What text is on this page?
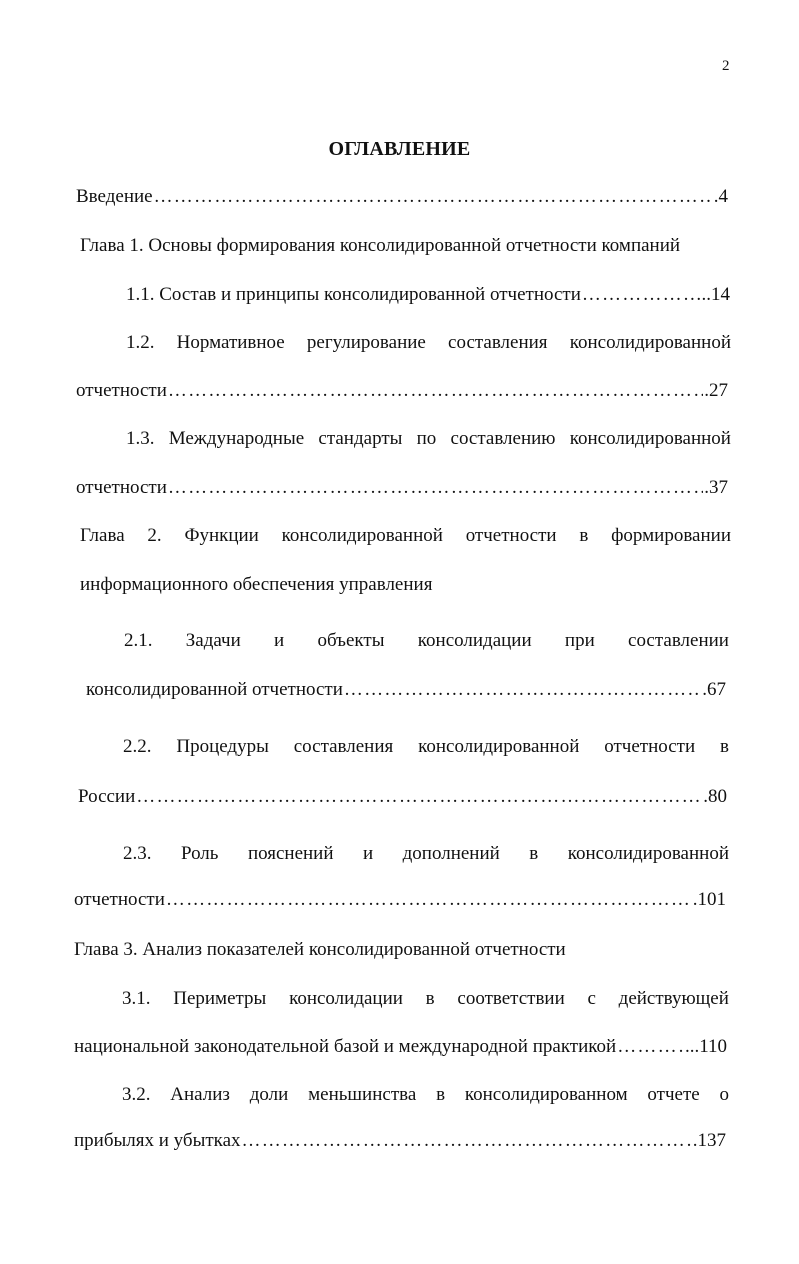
2
ОГЛАВЛЕНИЕ
Введение ……………………………………………………………………………………………………………………………………………………	.4
Глава 1. Основы формирования консолидированной отчетности компаний
1.1. Состав и принципы консолидированной отчетности ……………………………………………………………………………………………………………………………………………………	..14
1.2. Нормативное регулирование составления консолидированной
отчетности ……………………………………………………………………………………………………………………………………………………	.27
1.3. Международные стандарты по составлению консолидированной
отчетности ……………………………………………………………………………………………………………………………………………………	.37
Глава 2. Функции консолидированной отчетности в формировании
информационного обеспечения управления
2.1. Задачи и объекты консолидации при составлении
консолидированной отчетности ……………………………………………………………………………………………………………………………………………………	.67
2.2. Процедуры составления консолидированной отчетности в
России ……………………………………………………………………………………………………………………………………………………	.80
2.3. Роль пояснений и дополнений в консолидированной
отчетности ……………………………………………………………………………………………………………………………………………………	.101
Глава 3. Анализ показателей консолидированной отчетности
3.1. Периметры консолидации в соответствии с действующей
национальной законодательной базой и международной практикой ……………………………………………………………………………………………………………………………………………………	...110
3.2. Анализ доли меньшинства в консолидированном отчете о
прибылях и убытках ……………………………………………………………………………………………………………………………………………………	.137
